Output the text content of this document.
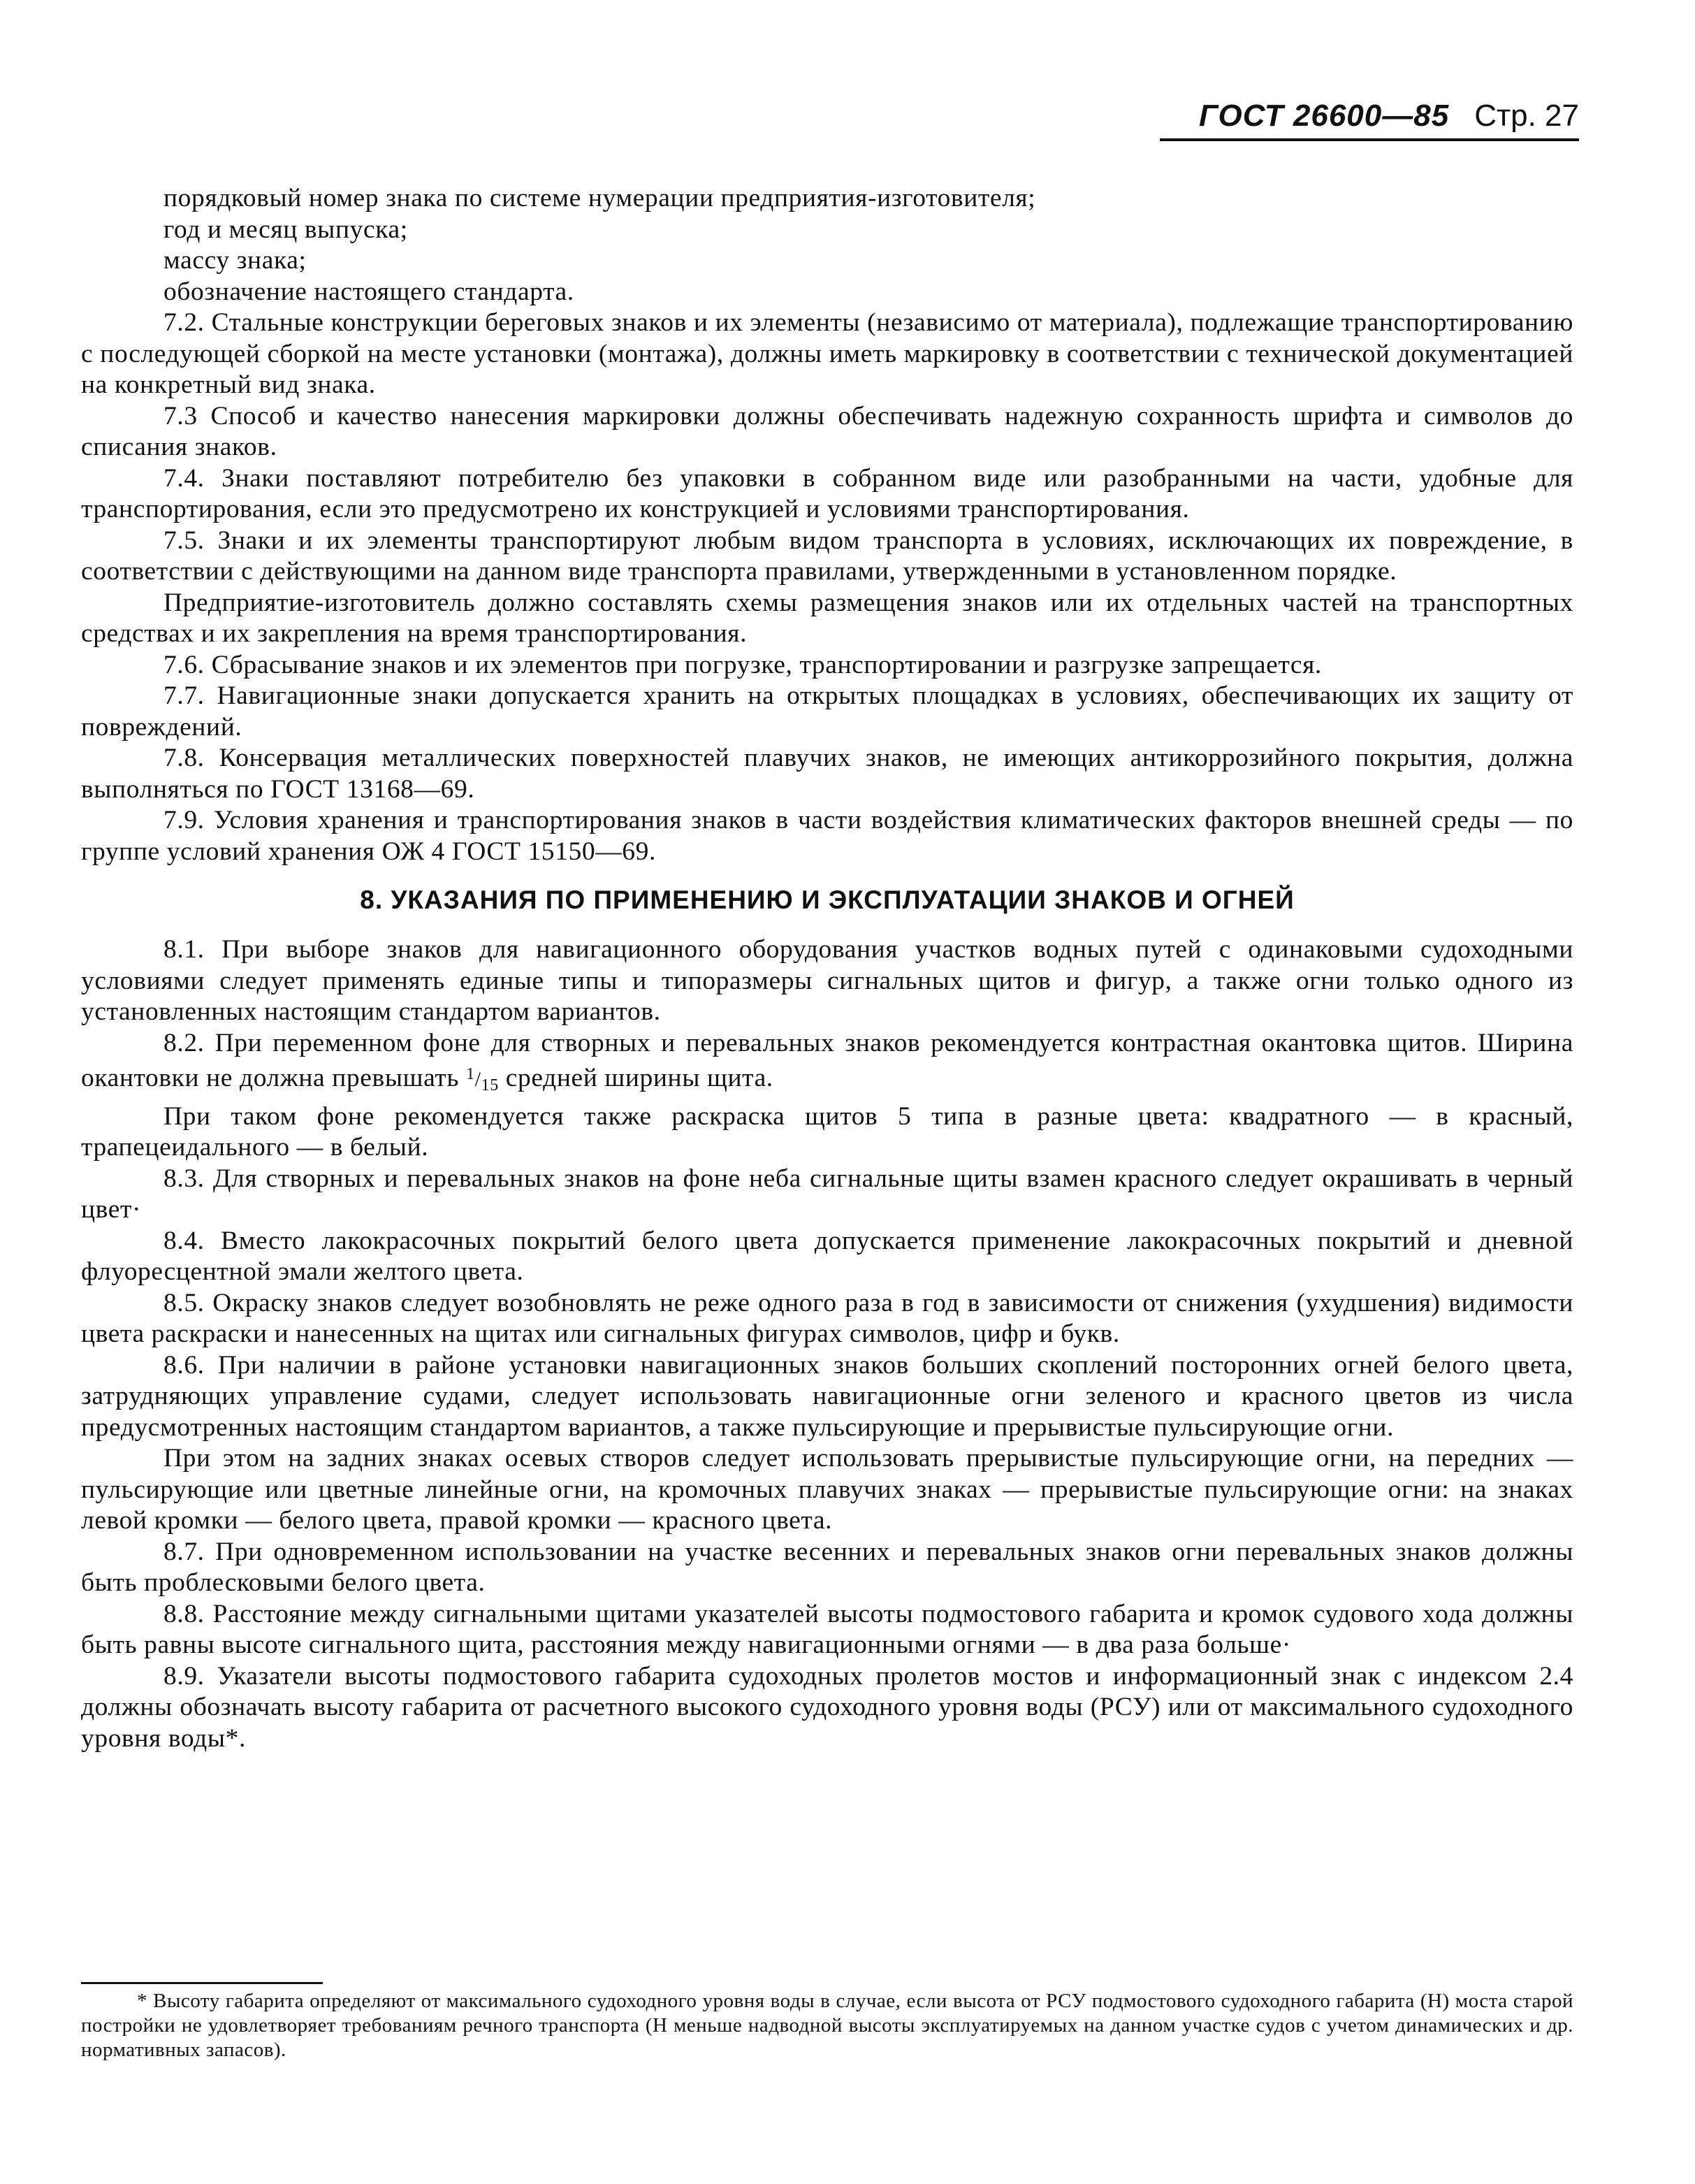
ГОСТ 26600—85 Стр. 27

порядковый номер знака по системе нумерации предприятия-изготовителя;

год и месяц выпуска;

массу знака;

обозначение настоящего стандарта.

7.2. Стальные конструкции береговых знаков и их элементы (независимо от материала), подлежащие транспортированию с последующей сборкой на месте установки (монтажа), должны иметь маркировку в соответствии с технической документацией на конкретный вид знака.

7.3 Способ и качество нанесения маркировки должны обеспечивать надежную сохранность шрифта и символов до списания знаков.

7.4. Знаки поставляют потребителю без упаковки в собранном виде или разобранными на части, удобные для транспортирования, если это предусмотрено их конструкцией и условиями транспортирования.

7.5. Знаки и их элементы транспортируют любым видом транспорта в условиях, исключающих их повреждение, в соответствии с действующими на данном виде транспорта правилами, утвержденными в установленном порядке.

Предприятие-изготовитель должно составлять схемы размещения знаков или их отдельных частей на транспортных средствах и их закрепления на время транспортирования.

7.6. Сбрасывание знаков и их элементов при погрузке, транспортировании и разгрузке запрещается.

7.7. Навигационные знаки допускается хранить на открытых площадках в условиях, обеспечивающих их защиту от повреждений.

7.8. Консервация металлических поверхностей плавучих знаков, не имеющих антикоррозийного покрытия, должна выполняться по ГОСТ 13168—69.

7.9. Условия хранения и транспортирования знаков в части воздействия климатических факторов внешней среды — по группе условий хранения ОЖ 4 ГОСТ 15150—69.

8. УКАЗАНИЯ ПО ПРИМЕНЕНИЮ И ЭКСПЛУАТАЦИИ ЗНАКОВ И ОГНЕЙ

8.1. При выборе знаков для навигационного оборудования участков водных путей с одинаковыми судоходными условиями следует применять единые типы и типоразмеры сигнальных щитов и фигур, а также огни только одного из установленных настоящим стандартом вариантов.

8.2. При переменном фоне для створных и перевальных знаков рекомендуется контрастная окантовка щитов. Ширина окантовки не должна превышать $^1/_{15}$ средней ширины щита.

При таком фоне рекомендуется также раскраска щитов 5 типа в разные цвета: квадратного — в красный, трапецеидального — в белый.

8.3. Для створных и перевальных знаков на фоне неба сигнальные щиты взамен красного следует окрашивать в черный цвет·

8.4. Вместо лакокрасочных покрытий белого цвета допускается применение лакокрасочных покрытий и дневной флуоресцентной эмали желтого цвета.

8.5. Окраску знаков следует возобновлять не реже одного раза в год в зависимости от снижения (ухудшения) видимости цвета раскраски и нанесенных на щитах или сигнальных фигурах символов, цифр и букв.

8.6. При наличии в районе установки навигационных знаков больших скоплений посторонних огней белого цвета, затрудняющих управление судами, следует использовать навигационные огни зеленого и красного цветов из числа предусмотренных настоящим стандартом вариантов, а также пульсирующие и прерывистые пульсирующие огни.

При этом на задних знаках осевых створов следует использовать прерывистые пульсирующие огни, на передних — пульсирующие или цветные линейные огни, на кромочных плавучих знаках — прерывистые пульсирующие огни: на знаках левой кромки — белого цвета, правой кромки — красного цвета.

8.7. При одновременном использовании на участке весенних и перевальных знаков огни перевальных знаков должны быть проблесковыми белого цвета.

8.8. Расстояние между сигнальными щитами указателей высоты подмостового габарита и кромок судового хода должны быть равны высоте сигнального щита, расстояния между навигационными огнями — в два раза больше·

8.9. Указатели высоты подмостового габарита судоходных пролетов мостов и информационный знак с индексом 2.4 должны обозначать высоту габарита от расчетного высокого судоходного уровня воды (РСУ) или от максимального судоходного уровня воды*.

* Высоту габарита определяют от максимального судоходного уровня воды в случае, если высота от РСУ подмостового судоходного габарита (Н) моста старой постройки не удовлетворяет требованиям речного транспорта (Н меньше надводной высоты эксплуатируемых на данном участке судов с учетом динамических и др. нормативных запасов).
